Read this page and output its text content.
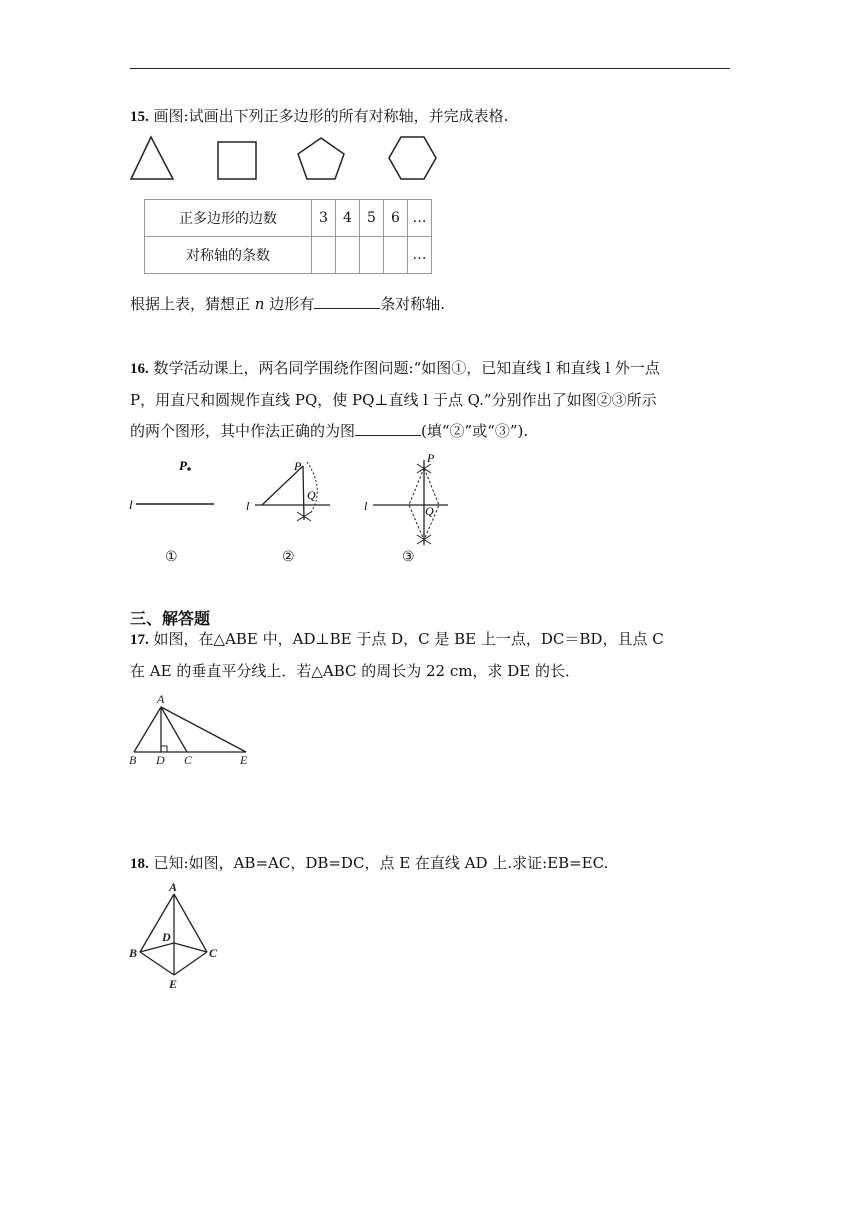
15. 画图:试画出下列正多边形的所有对称轴，并完成表格.
正多边形的边数	3	4	5	6	…
对称轴的条数					…
根据上表，猜想正 n 边形有	条对称轴.
16. 数学活动课上，两名同学围绕作图问题:“如图①，已知直线 l 和直线 l 外一点
P，用直尺和圆规作直线 PQ，使 PQ⊥直线 l 于点 Q.”分别作出了如图②③所示
的两个图形，其中作法正确的为图	(填“②”或“③”).
l
P
l
P
Q
l
P
Q
①	②	③
三、解答题
17. 如图，在△ABE 中，AD⊥BE 于点 D，C 是 BE 上一点，DC＝BD，且点 C
在 AE 的垂直平分线上．若△ABC 的周长为 22 cm，求 DE 的长．
A
B D C	E
18. 已知:如图，AB=AC，DB=DC，点 E 在直线 AD 上.求证:EB=EC.
A
B
D
C
E
